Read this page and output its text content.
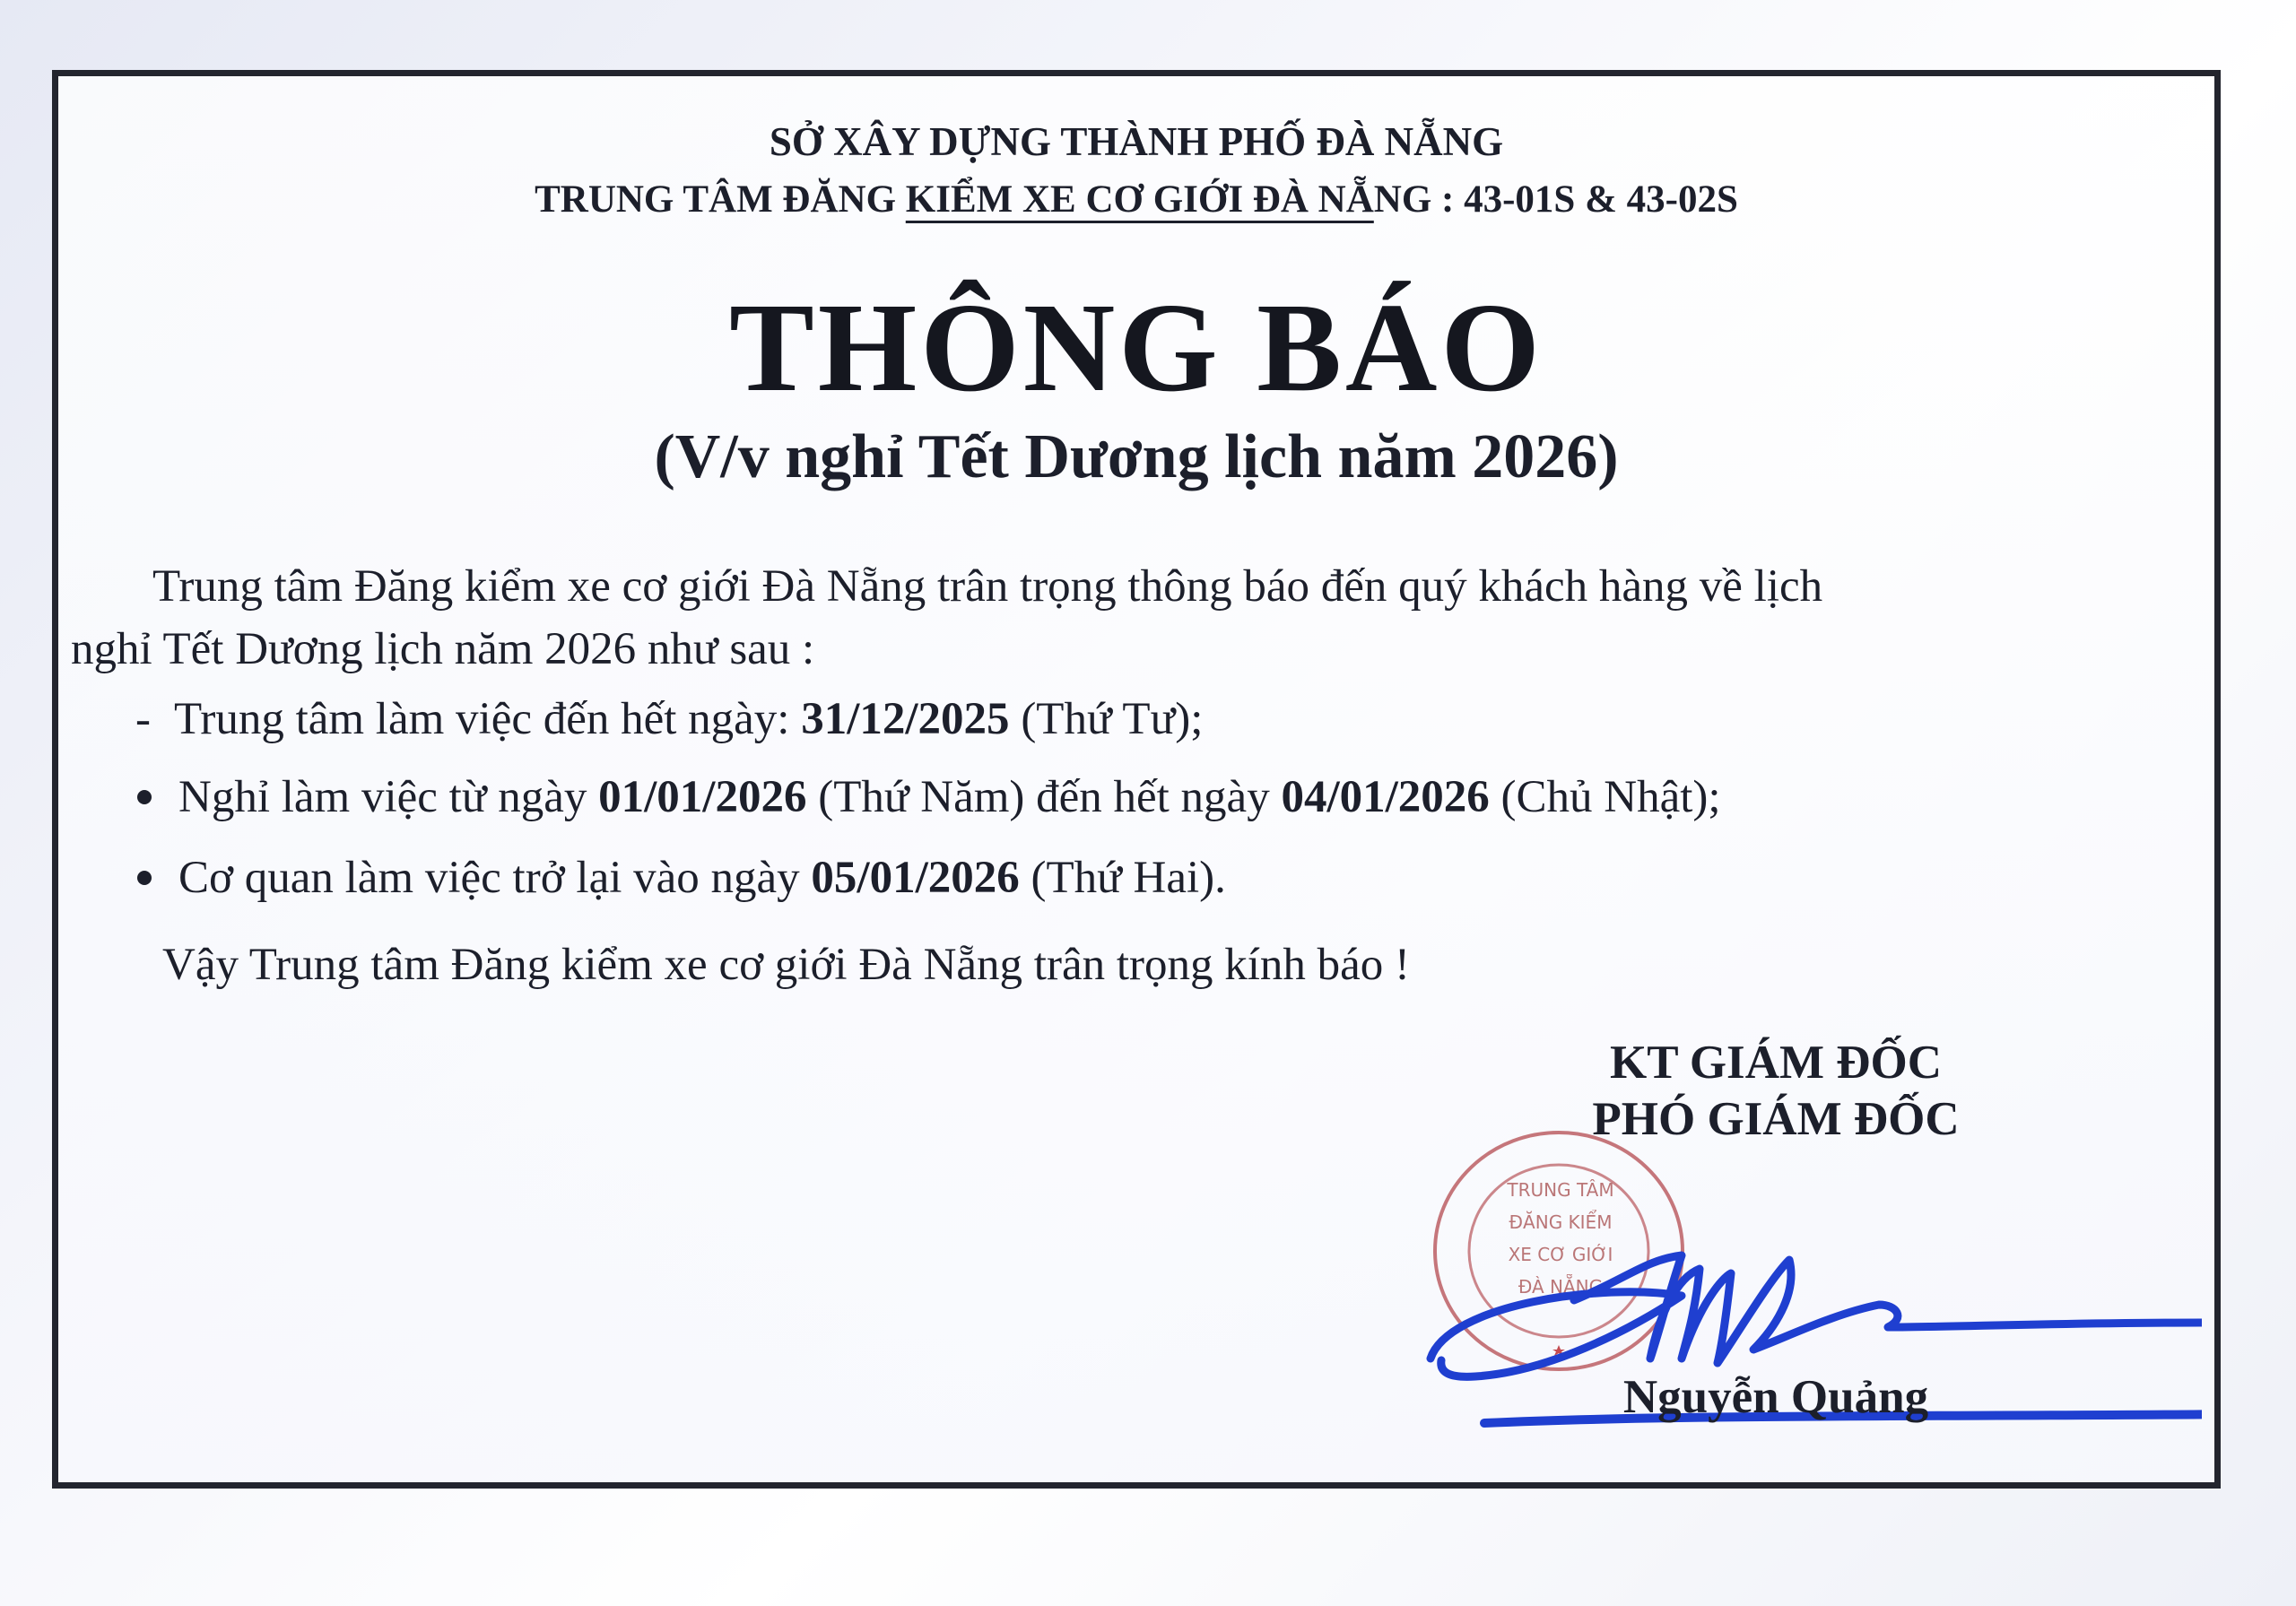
SỞ XÂY DỰNG THÀNH PHỐ ĐÀ NẴNG
TRUNG TÂM ĐĂNG KIỂM XE CƠ GIỚI ĐÀ NẴNG : 43-01S & 43-02S
THÔNG BÁO
(V/v nghỉ Tết Dương lịch năm 2026)
Trung tâm Đăng kiểm xe cơ giới Đà Nẵng trân trọng thông báo đến quý khách hàng về lịch
nghỉ Tết Dương lịch năm 2026 như sau :
- Trung tâm làm việc đến hết ngày: 31/12/2025 (Thứ Tư);
Nghỉ làm việc từ ngày 01/01/2026 (Thứ Năm) đến hết ngày 04/01/2026 (Chủ Nhật);
Cơ quan làm việc trở lại vào ngày 05/01/2026 (Thứ Hai).
Vậy Trung tâm Đăng kiểm xe cơ giới Đà Nẵng trân trọng kính báo !
KT GIÁM ĐỐC
PHÓ GIÁM ĐỐC
TRUNG TÂM
ĐĂNG KIỂM
XE CƠ GIỚI
ĐÀ NẴNG
Nguyễn Quảng
